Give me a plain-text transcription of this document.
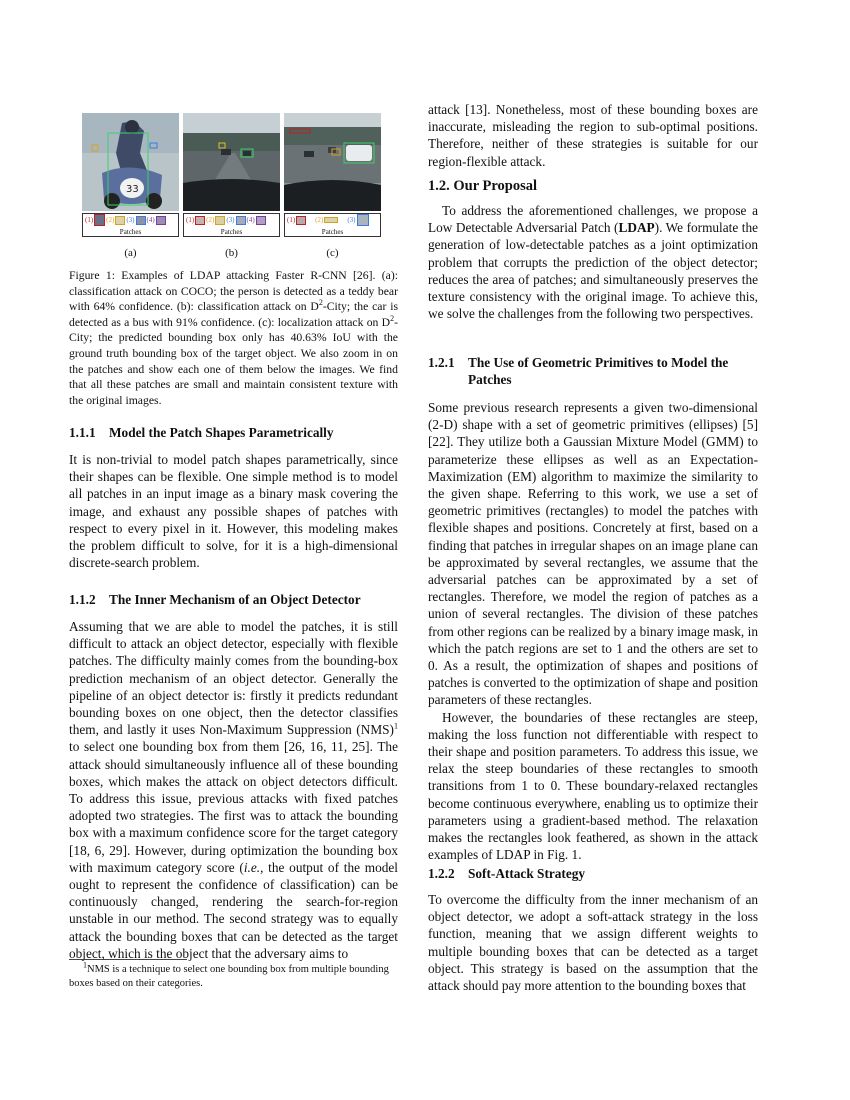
33
(1) (2) (3) (4)
Patches
(a)
(1) (2) (3) (4)
Patches
(b)
(1)	(2)	(3)
Patches
(c)

Figure 1: Examples of LDAP attacking Faster R-CNN [26]. (a): classification attack on COCO; the person is detected as a teddy bear with 64% confidence. (b): classification attack on $D^2$-City; the car is detected as a bus with 91% confidence. (c): localization attack on $D^2$-City; the predicted bounding box only has 40.63% IoU with the ground truth bounding box of the target object. We also zoom in on the patches and show each one of them below the images. We find that all these patches are small and maintain consistent texture with the original images.

1.1.1 Model the Patch Shapes Parametrically

It is non-trivial to model patch shapes parametrically, since their shapes can be flexible. One simple method is to model all patches in an input image as a binary mask covering the image, and exhaust any possible shapes of patches with respect to every pixel in it. However, this modeling makes the problem difficult to solve, for it is a high-dimensional discrete-search problem.

1.1.2 The Inner Mechanism of an Object Detector

Assuming that we are able to model the patches, it is still difficult to attack an object detector, especially with flexible patches. The difficulty mainly comes from the bounding-box prediction mechanism of an object detector. Generally the pipeline of an object detector is: firstly it predicts redundant bounding boxes on one object, then the detector classifies them, and lastly it uses Non-Maximum Suppression (NMS)$^1$ to select one bounding box from them [26, 16, 11, 25]. The attack should simultaneously influence all of these bounding boxes, which makes the attack on object detectors difficult. To address this issue, previous attacks with fixed patches adopted two strategies. The first was to attack the bounding box with a maximum confidence score for the target category [18, 6, 29]. However, during optimization the bounding box with maximum category score (i.e., the output of the model ought to represent the confidence of classification) can be continuously changed, rendering the search-for-region unstable in our method. The second strategy was to equally attack the bounding boxes that can be detected as the target object, which is the object that the adversary aims to

$^1$NMS is a technique to select one bounding box from multiple bounding boxes based on their categories.

attack [13]. Nonetheless, most of these bounding boxes are inaccurate, misleading the region to sub-optimal positions. Therefore, neither of these strategies is suitable for our region-flexible attack.

1.2. Our Proposal

To address the aforementioned challenges, we propose a Low Detectable Adversarial Patch (LDAP). We formulate the generation of low-detectable patches as a joint optimization problem that corrupts the prediction of the object detector; reduces the area of patches; and simultaneously preserves the texture consistency with the original image. To achieve this, we solve the challenges from the following two perspectives.

1.2.1	The Use of Geometric Primitives to Model the Patches

Some previous research represents a given two-dimensional (2-D) shape with a set of geometric primitives (ellipses) [5][22]. They utilize both a Gaussian Mixture Model (GMM) to parameterize these ellipses as well as an Expectation-Maximization (EM) algorithm to maximize the similarity to the given shape. Referring to this work, we use a set of geometric primitives (rectangles) to model the patches with flexible shapes and positions. Concretely at first, based on a finding that patches in irregular shapes on an image plane can be approximated by several rectangles, we assume that the adversarial patches can be approximated by a set of rectangles. Therefore, we model the region of patches as a union of several rectangles. The division of these patches from other regions can be realized by a binary image mask, in which the patch regions are set to 1 and the others are set to 0. As a result, the optimization of shapes and positions of patches is converted to the optimization of shape and position parameters of these rectangles.

However, the boundaries of these rectangles are steep, making the loss function not differentiable with respect to their shape and position parameters. To address this issue, we relax the steep boundaries of these rectangles to smooth transitions from 1 to 0. These boundary-relaxed rectangles become continuous everywhere, enabling us to optimize their parameters using a gradient-based method. The relaxation makes the rectangles look feathered, as shown in the attack examples of LDAP in Fig. 1.

1.2.2 Soft-Attack Strategy

To overcome the difficulty from the inner mechanism of an object detector, we adopt a soft-attack strategy in the loss function, meaning that we assign different weights to multiple bounding boxes that can be detected as a target object. This strategy is based on the assumption that the attack should pay more attention to the bounding boxes that
